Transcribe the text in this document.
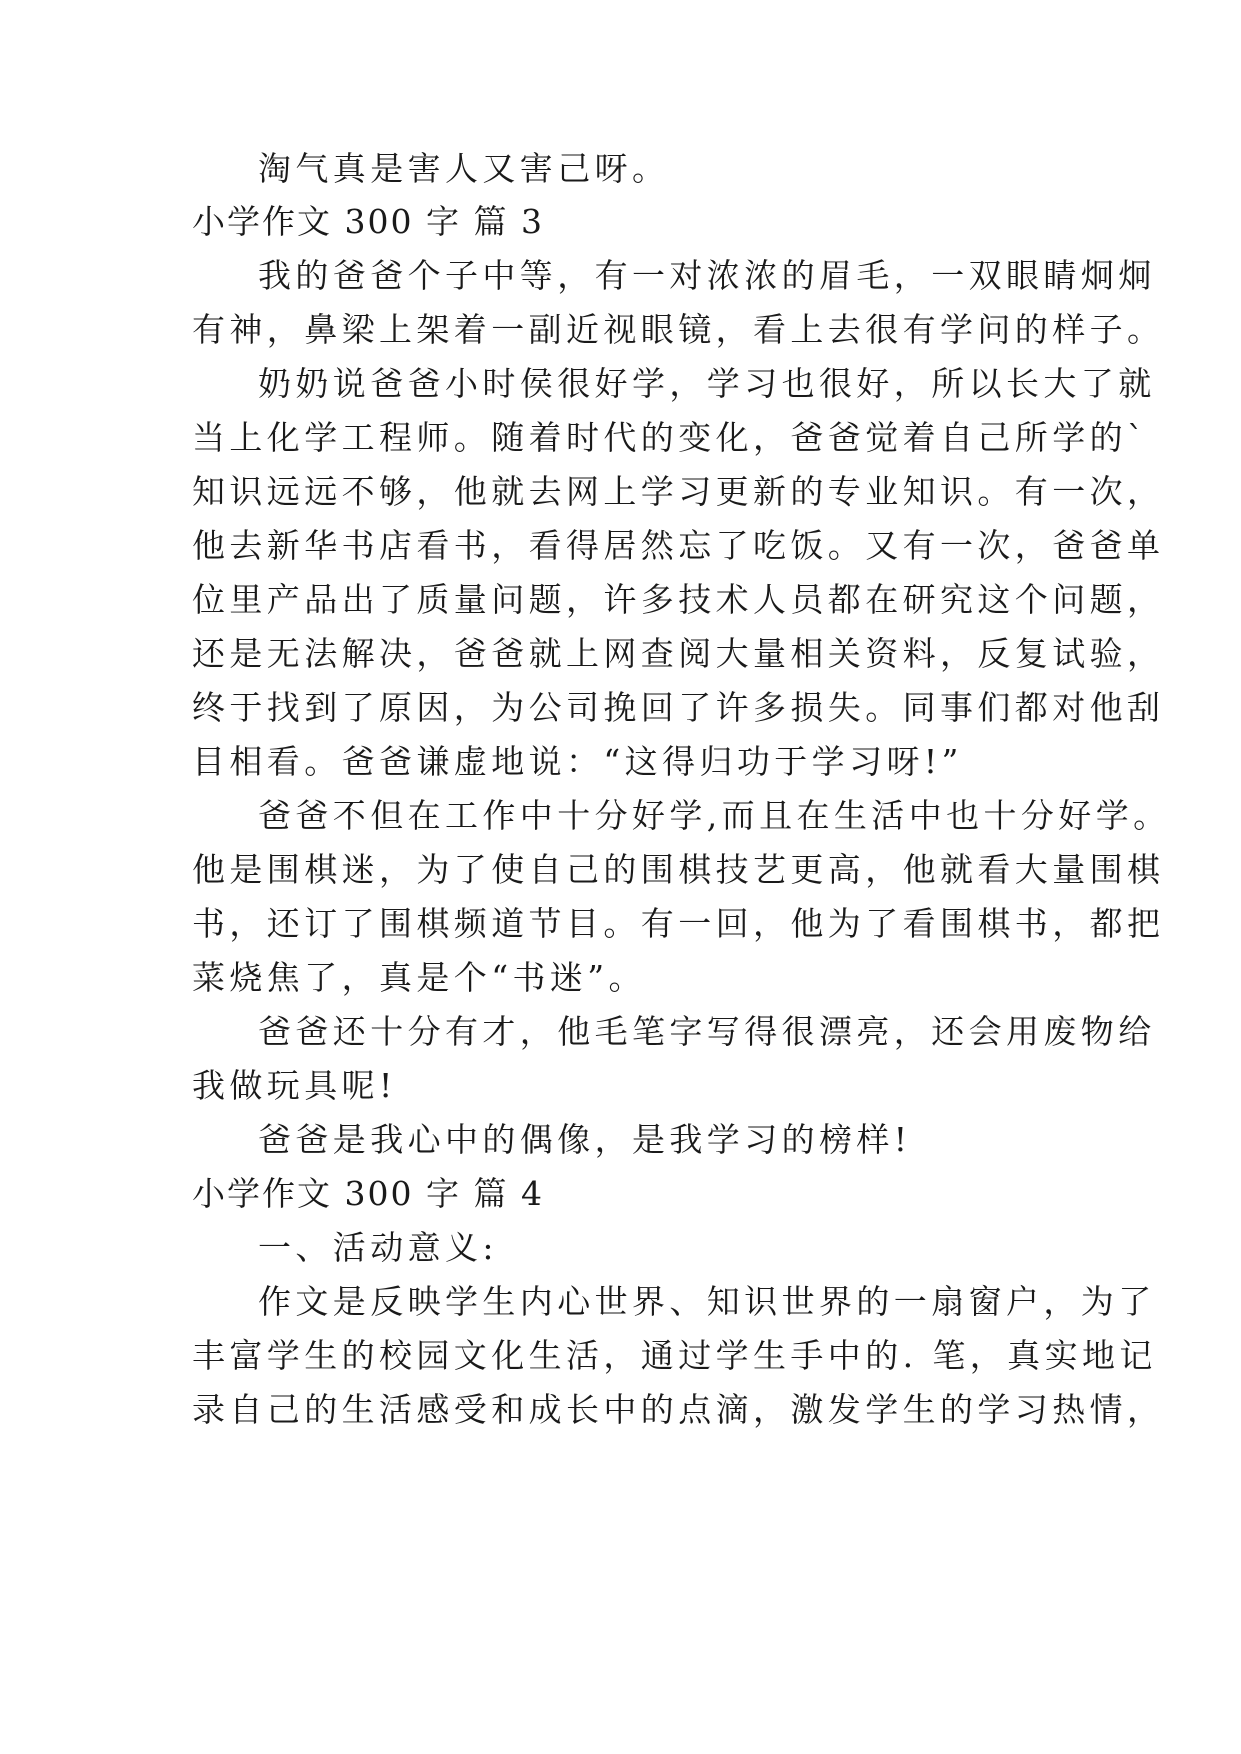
淘气真是害人又害己呀。
小学作文 300 字 篇 3
我的爸爸个子中等，有一对浓浓的眉毛，一双眼睛炯炯
有神，鼻梁上架着一副近视眼镜，看上去很有学问的样子。
奶奶说爸爸小时侯很好学，学习也很好，所以长大了就
当上化学工程师。随着时代的变化，爸爸觉着自己所学的`
知识远远不够，他就去网上学习更新的专业知识。有一次，
他去新华书店看书，看得居然忘了吃饭。又有一次，爸爸单
位里产品出了质量问题，许多技术人员都在研究这个问题，
还是无法解决，爸爸就上网查阅大量相关资料，反复试验，
终于找到了原因，为公司挽回了许多损失。同事们都对他刮
目相看。爸爸谦虚地说：“这得归功于学习呀!”
爸爸不但在工作中十分好学,而且在生活中也十分好学。
他是围棋迷，为了使自己的围棋技艺更高，他就看大量围棋
书，还订了围棋频道节目。有一回，他为了看围棋书，都把
菜烧焦了，真是个“书迷”。
爸爸还十分有才，他毛笔字写得很漂亮，还会用废物给
我做玩具呢!
爸爸是我心中的偶像，是我学习的榜样!
小学作文 300 字 篇 4
一、活动意义:
作文是反映学生内心世界、知识世界的一扇窗户，为了
丰富学生的校园文化生活，通过学生手中的. 笔，真实地记
录自己的生活感受和成长中的点滴，激发学生的学习热情，
